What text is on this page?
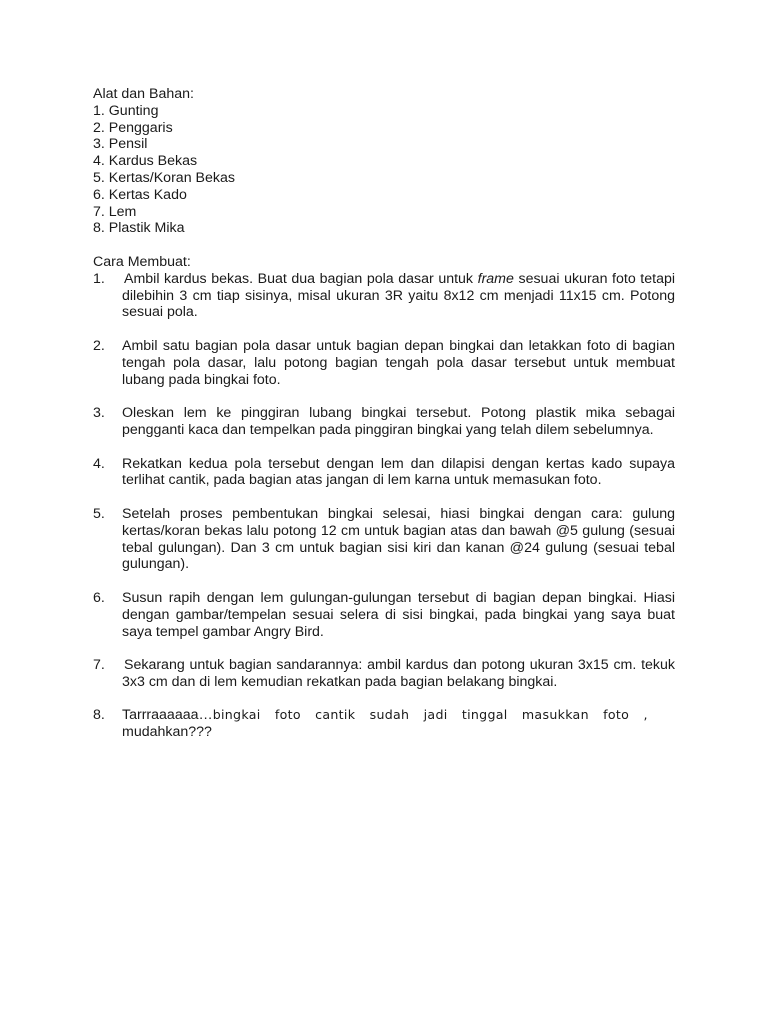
Alat dan Bahan:

1. Gunting
2. Penggaris
3. Pensil
4. Kardus Bekas
5. Kertas/Koran Bekas
6. Kertas Kado
7. Lem
8. Plastik Mika

Cara Membuat:

1. Ambil kardus bekas. Buat dua bagian pola dasar untuk frame sesuai ukuran foto tetapi dilebihin 3 cm tiap sisinya, misal ukuran 3R yaitu 8x12 cm menjadi 11x15 cm. Potong sesuai pola.
2. Ambil satu bagian pola dasar untuk bagian depan bingkai dan letakkan foto di bagian tengah pola dasar, lalu potong bagian tengah pola dasar tersebut untuk membuat lubang pada bingkai foto.
3. Oleskan lem ke pinggiran lubang bingkai tersebut. Potong plastik mika sebagai pengganti kaca dan tempelkan pada pinggiran bingkai yang telah dilem sebelumnya.
4. Rekatkan kedua pola tersebut dengan lem dan dilapisi dengan kertas kado supaya terlihat cantik, pada bagian atas jangan di lem karna untuk memasukan foto.
5. Setelah proses pembentukan bingkai selesai, hiasi bingkai dengan cara: gulung kertas/koran bekas lalu potong 12 cm untuk bagian atas dan bawah @5 gulung (sesuai tebal gulungan). Dan 3 cm untuk bagian sisi kiri dan kanan @24 gulung (sesuai tebal gulungan).
6. Susun rapih dengan lem gulungan-gulungan tersebut di bagian depan bingkai. Hiasi dengan gambar/tempelan sesuai selera di sisi bingkai, pada bingkai yang saya buat saya tempel gambar Angry Bird.
7. Sekarang untuk bagian sandarannya: ambil kardus dan potong ukuran 3x15 cm. tekuk 3x3 cm dan di lem kemudian rekatkan pada bagian belakang bingkai.
8. Tarrraaaaaa…bingkai foto cantik sudah jadi tinggal masukkan foto ,
mudahkan???
